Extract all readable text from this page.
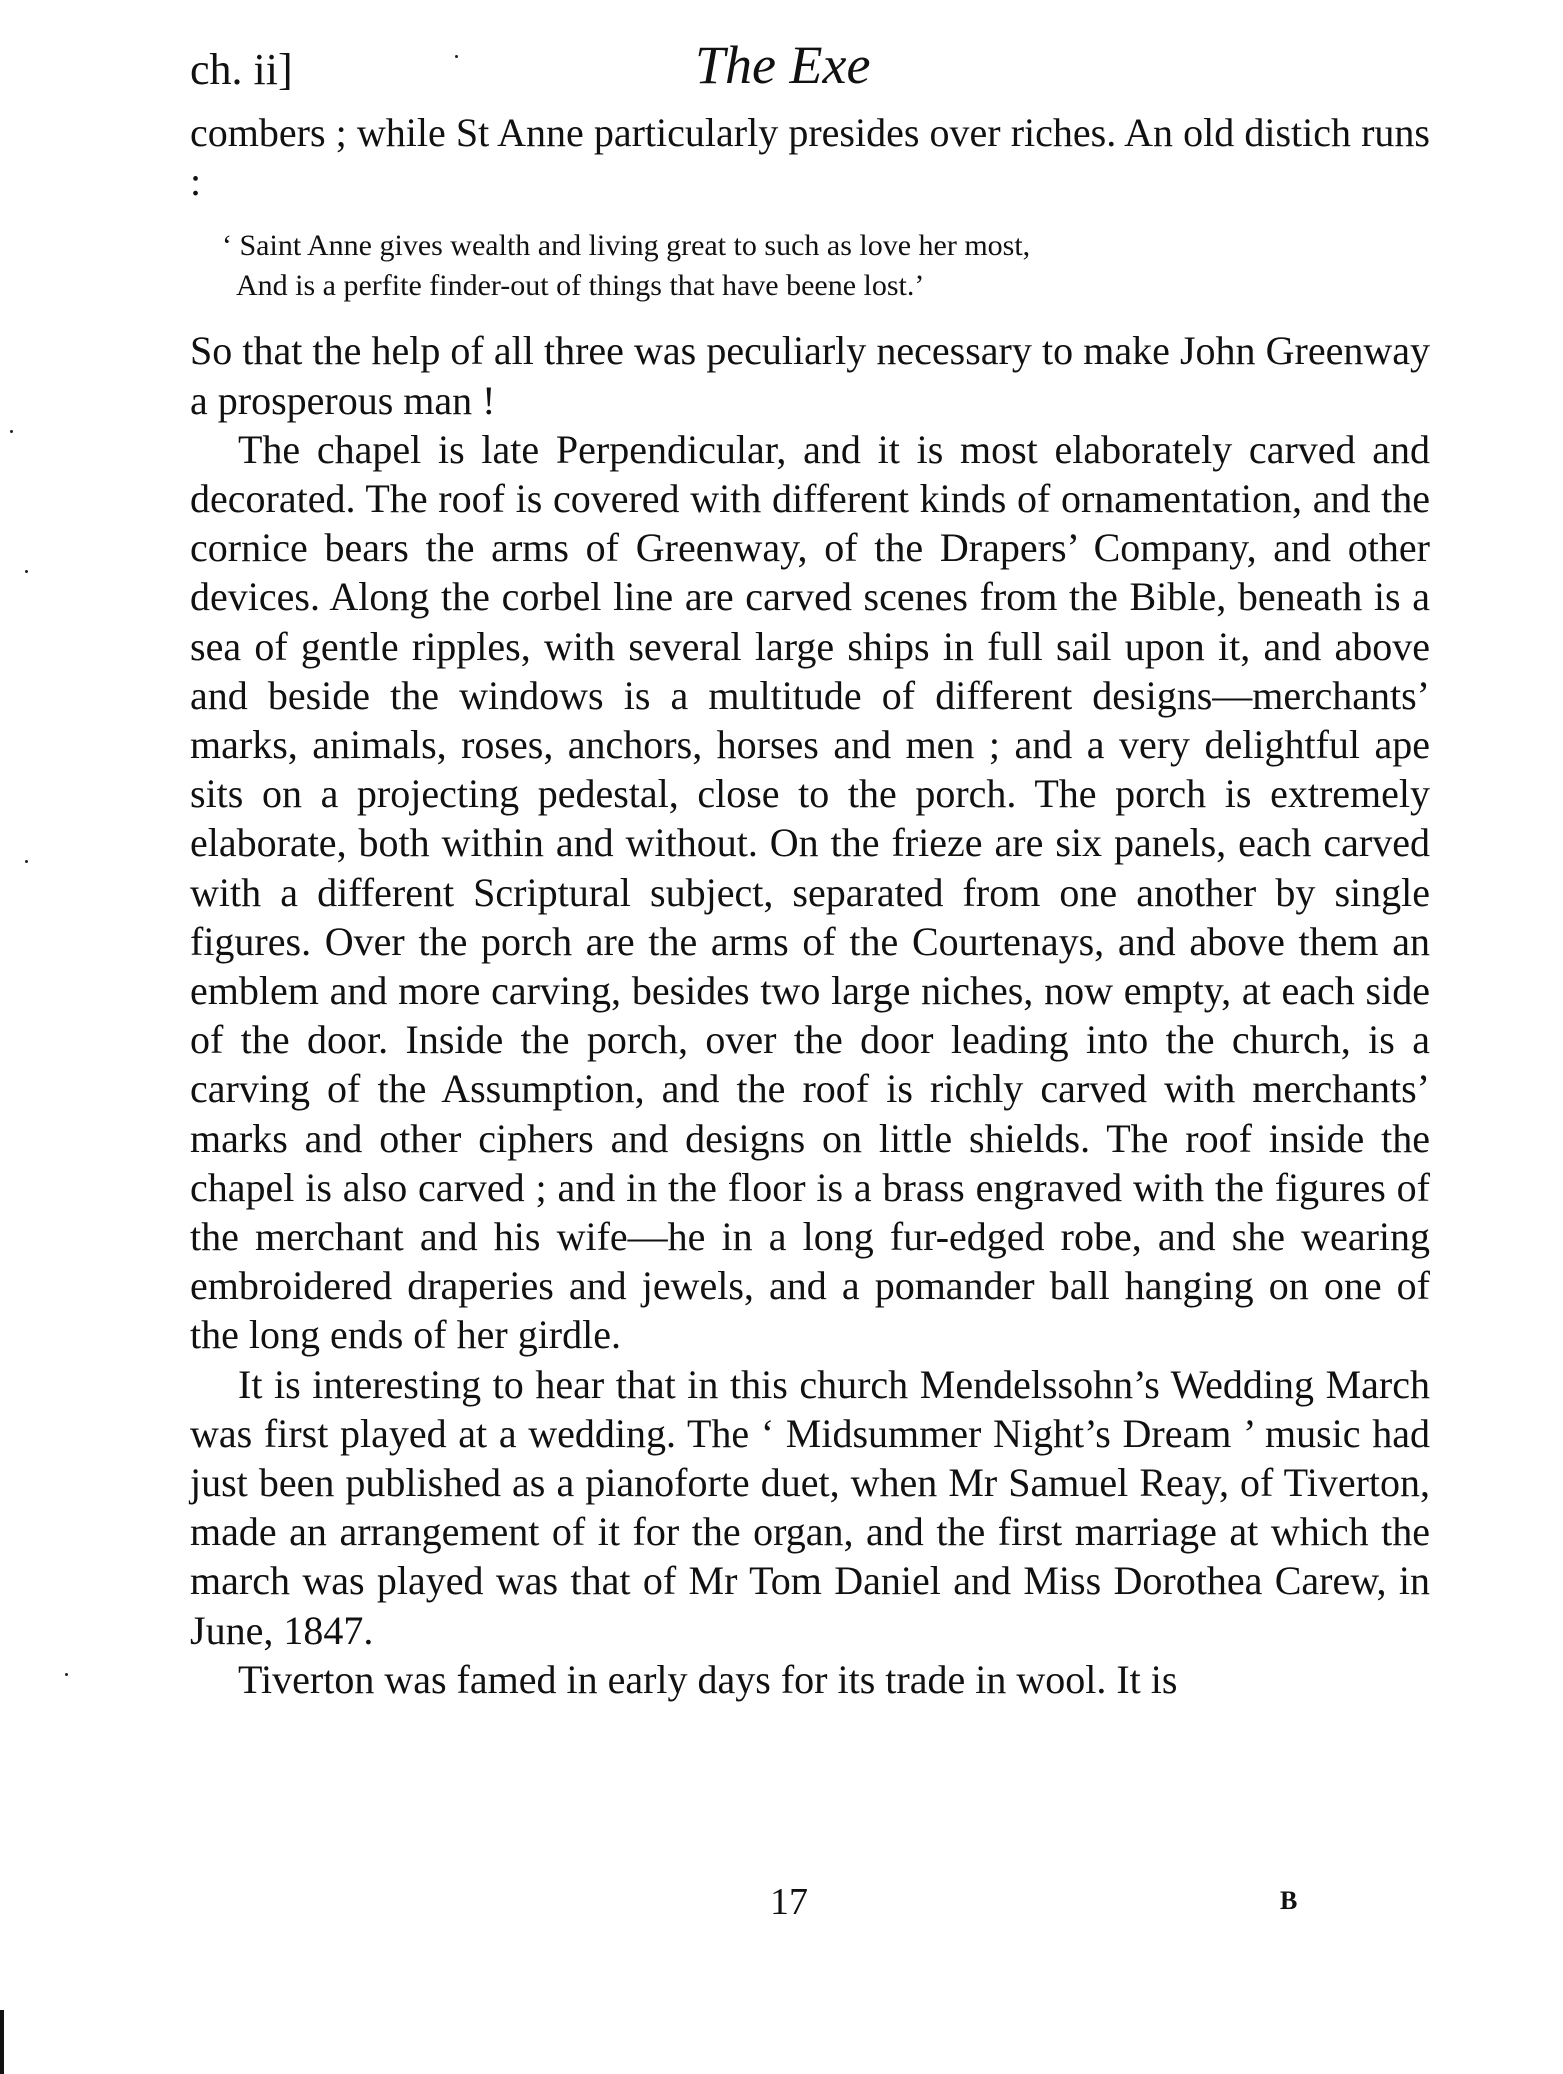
ch. ii]	The Exe

combers ; while St Anne particularly presides over riches. An old distich runs :

‘ Saint Anne gives wealth and living great to such as love her most,
And is a perfite finder-out of things that have beene lost.’

So that the help of all three was peculiarly necessary to make John Greenway a prosperous man !

The chapel is late Perpendicular, and it is most elaborately carved and decorated. The roof is covered with different kinds of ornamentation, and the cornice bears the arms of Greenway, of the Drapers’ Company, and other devices. Along the corbel line are carved scenes from the Bible, beneath is a sea of gentle ripples, with several large ships in full sail upon it, and above and beside the windows is a multitude of different designs—merchants’ marks, animals, roses, anchors, horses and men ; and a very delightful ape sits on a projecting pedestal, close to the porch. The porch is extremely elaborate, both within and without. On the frieze are six panels, each carved with a different Scriptural subject, separated from one another by single figures. Over the porch are the arms of the Courtenays, and above them an emblem and more carving, besides two large niches, now empty, at each side of the door. Inside the porch, over the door leading into the church, is a carving of the Assumption, and the roof is richly carved with merchants’ marks and other ciphers and designs on little shields. The roof inside the chapel is also carved ; and in the floor is a brass engraved with the figures of the merchant and his wife—he in a long fur-edged robe, and she wearing embroidered draperies and jewels, and a pomander ball hanging on one of the long ends of her girdle.

It is interesting to hear that in this church Mendelssohn’s Wedding March was first played at a wedding. The ‘ Midsummer Night’s Dream ’ music had just been published as a pianoforte duet, when Mr Samuel Reay, of Tiverton, made an arrangement of it for the organ, and the first marriage at which the march was played was that of Mr Tom Daniel and Miss Dorothea Carew, in June, 1847.

Tiverton was famed in early days for its trade in wool. It is

17	B
